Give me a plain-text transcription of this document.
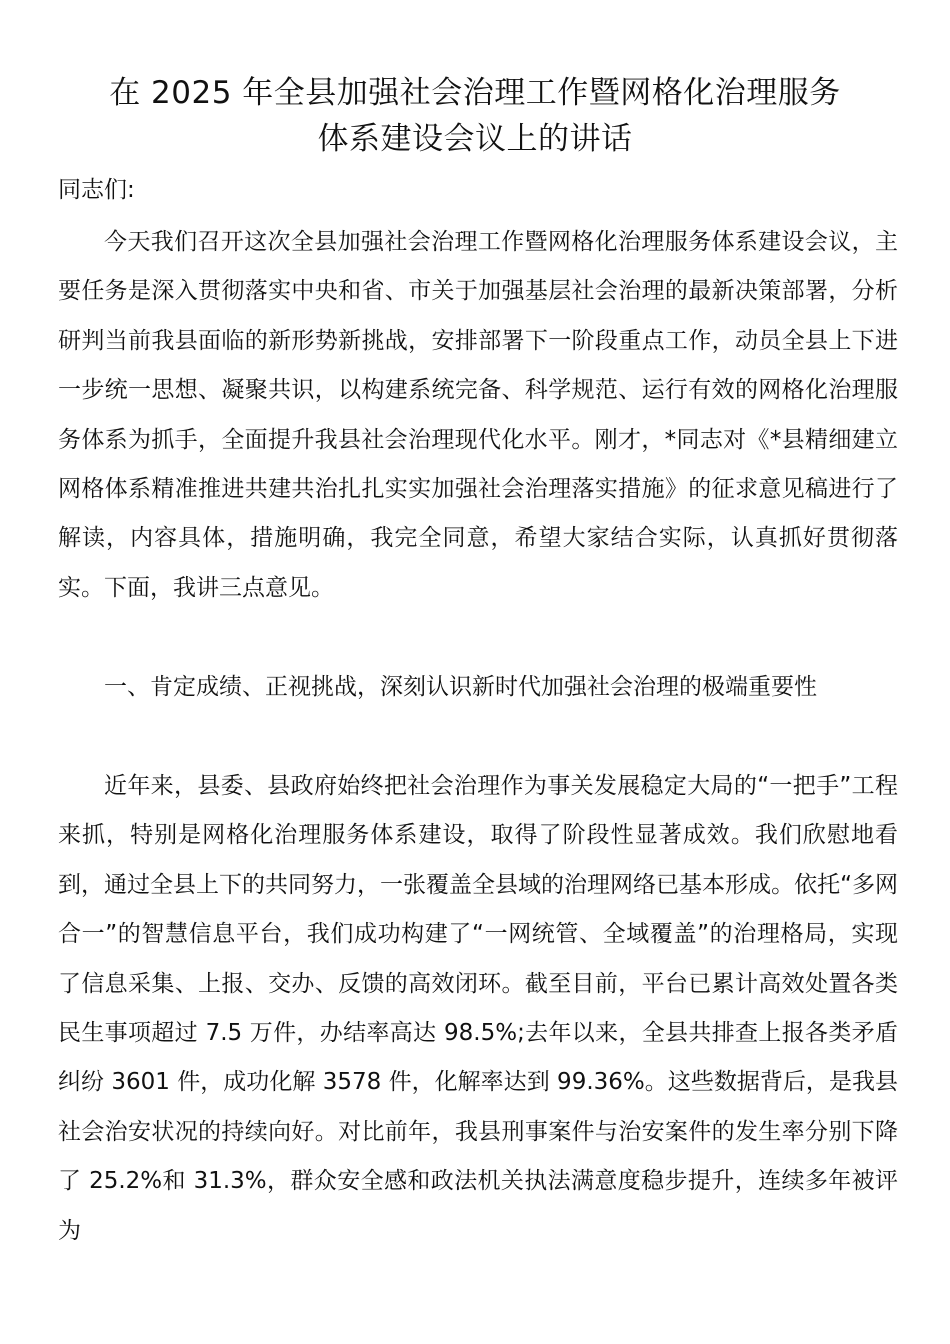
在 2025 年全县加强社会治理工作暨网格化治理服务
体系建设会议上的讲话

同志们:

今天我们召开这次全县加强社会治理工作暨网格化治理服务体系建设会议，主要任务是深入贯彻落实中央和省、市关于加强基层社会治理的最新决策部署，分析研判当前我县面临的新形势新挑战，安排部署下一阶段重点工作，动员全县上下进一步统一思想、凝聚共识，以构建系统完备、科学规范、运行有效的网格化治理服务体系为抓手，全面提升我县社会治理现代化水平。刚才，*同志对《*县精细建立网格体系精准推进共建共治扎扎实实加强社会治理落实措施》的征求意见稿进行了解读，内容具体，措施明确，我完全同意，希望大家结合实际，认真抓好贯彻落实。下面，我讲三点意见。

一、肯定成绩、正视挑战，深刻认识新时代加强社会治理的极端重要性

近年来，县委、县政府始终把社会治理作为事关发展稳定大局的“一把手”工程来抓，特别是网格化治理服务体系建设，取得了阶段性显著成效。我们欣慰地看到，通过全县上下的共同努力，一张覆盖全县域的治理网络已基本形成。依托“多网合一”的智慧信息平台，我们成功构建了“一网统管、全域覆盖”的治理格局，实现了信息采集、上报、交办、反馈的高效闭环。截至目前，平台已累计高效处置各类民生事项超过 7.5 万件，办结率高达 98.5%;去年以来，全县共排查上报各类矛盾纠纷 3601 件，成功化解 3578 件，化解率达到 99.36%。这些数据背后，是我县社会治安状况的持续向好。对比前年，我县刑事案件与治安案件的发生率分别下降了 25.2%和 31.3%，群众安全感和政法机关执法满意度稳步提升，连续多年被评为
